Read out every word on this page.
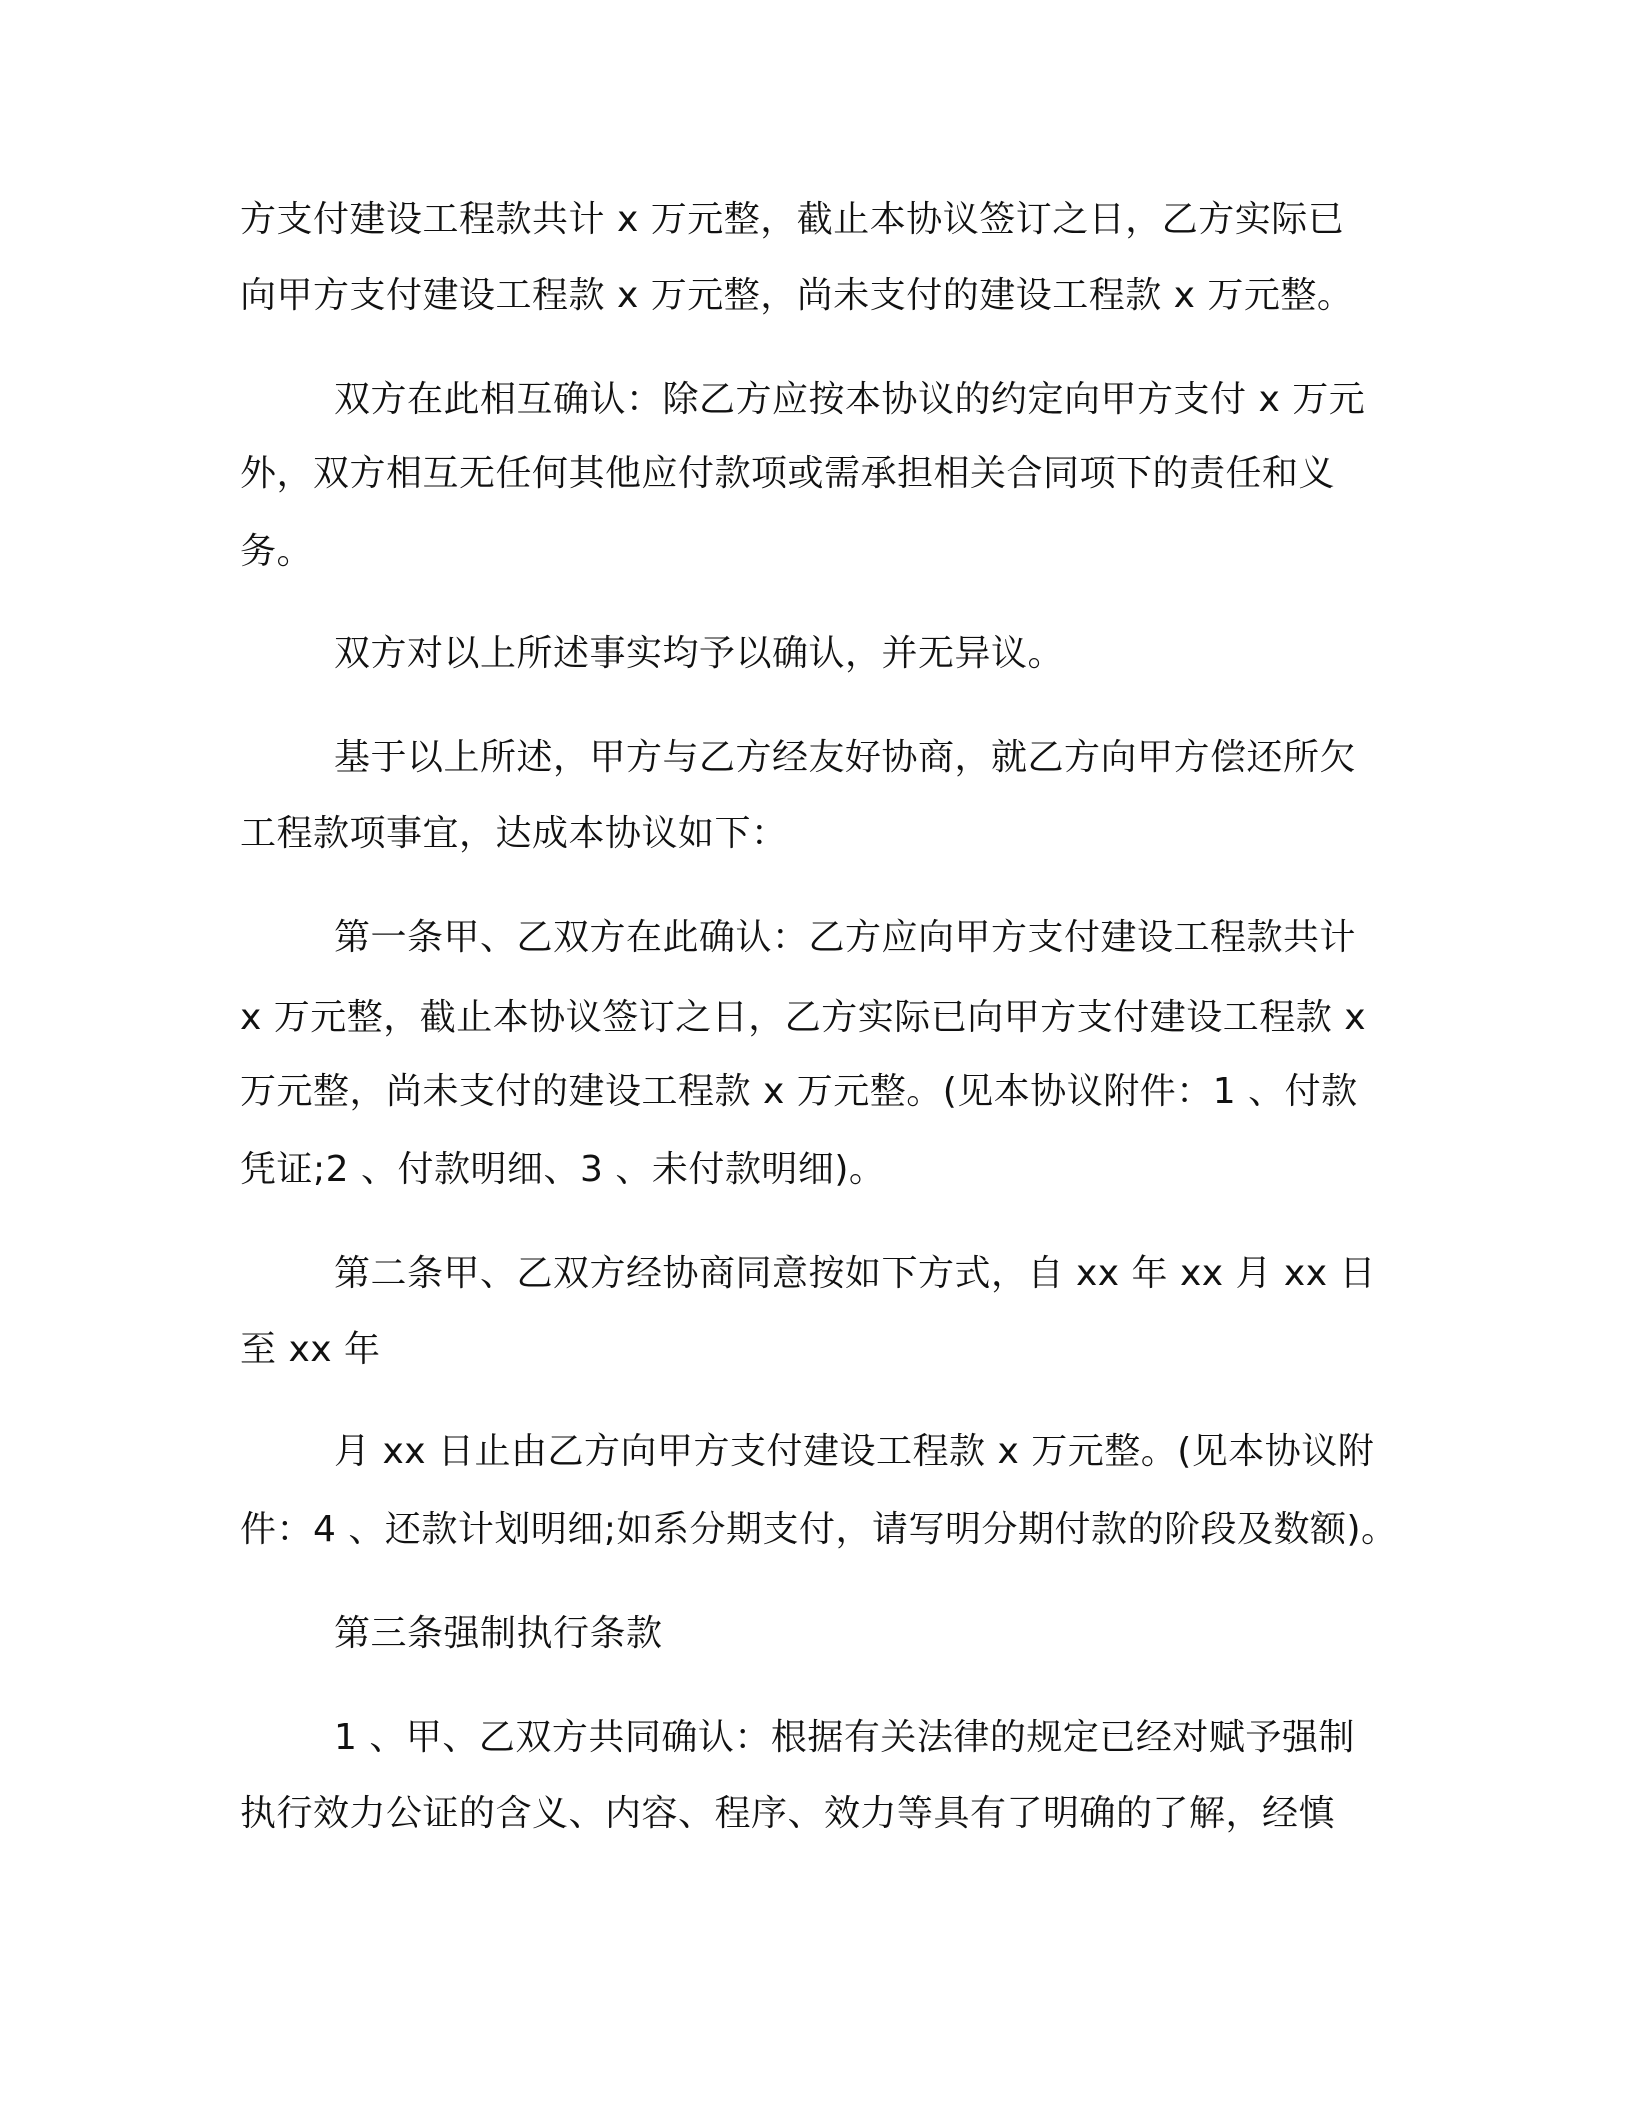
方支付建设工程款共计 x 万元整，截止本协议签订之日，乙方实际已
向甲方支付建设工程款 x 万元整，尚未支付的建设工程款 x 万元整。
双方在此相互确认：除乙方应按本协议的约定向甲方支付 x 万元
外，双方相互无任何其他应付款项或需承担相关合同项下的责任和义
务。
双方对以上所述事实均予以确认，并无异议。
基于以上所述，甲方与乙方经友好协商，就乙方向甲方偿还所欠
工程款项事宜，达成本协议如下：
第一条甲、乙双方在此确认：乙方应向甲方支付建设工程款共计
x 万元整，截止本协议签订之日，乙方实际已向甲方支付建设工程款 x
万元整，尚未支付的建设工程款 x 万元整。(见本协议附件：1 、付款
凭证;2 、付款明细、3 、未付款明细)。
第二条甲、乙双方经协商同意按如下方式，自 xx 年 xx 月 xx 日
至 xx 年
月 xx 日止由乙方向甲方支付建设工程款 x 万元整。(见本协议附
件：4 、还款计划明细;如系分期支付，请写明分期付款的阶段及数额)。
第三条强制执行条款
1 、甲、乙双方共同确认：根据有关法律的规定已经对赋予强制
执行效力公证的含义、内容、程序、效力等具有了明确的了解，经慎
